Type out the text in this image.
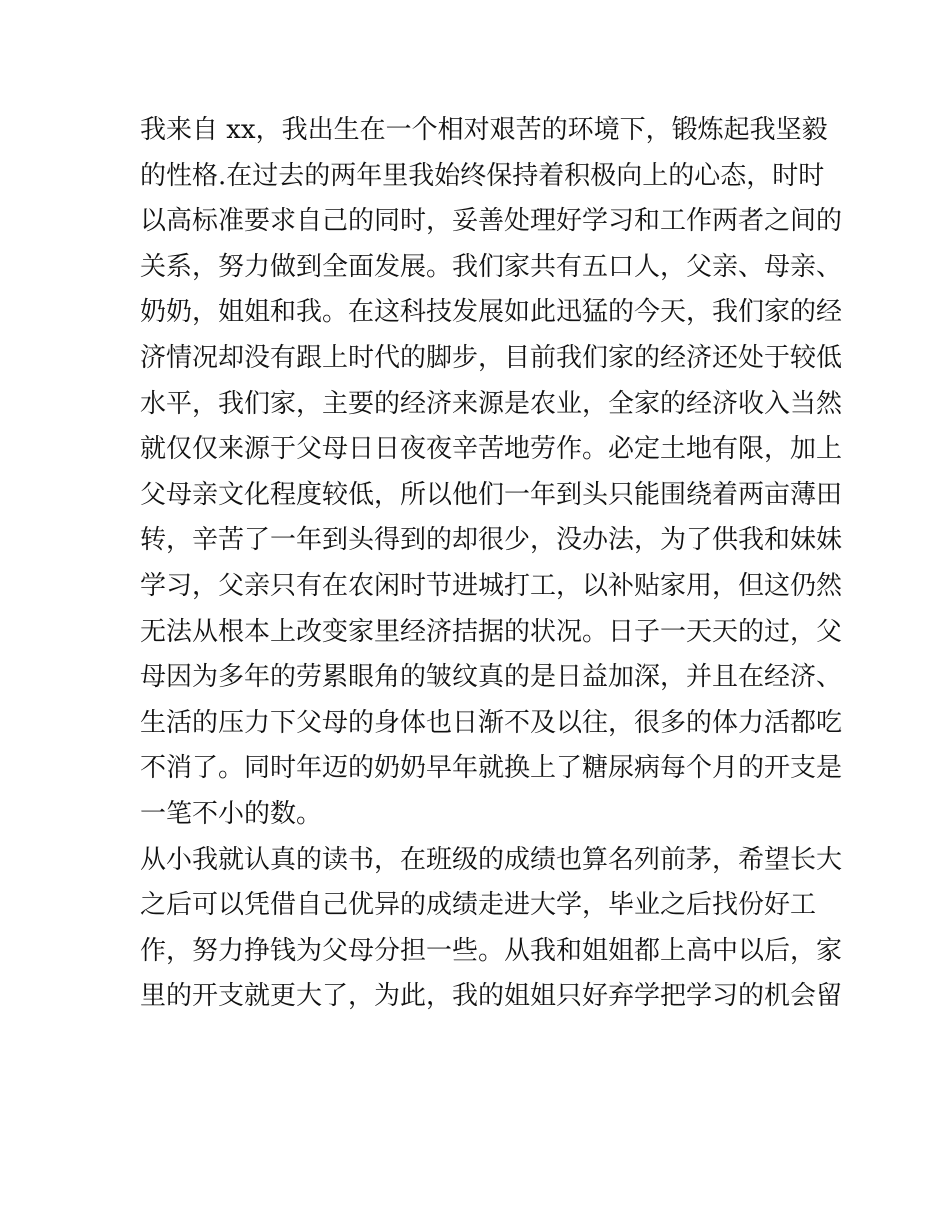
我来自 xx，我出生在一个相对艰苦的环境下，锻炼起我坚毅
的性格.在过去的两年里我始终保持着积极向上的心态，时时
以高标准要求自己的同时，妥善处理好学习和工作两者之间的
关系，努力做到全面发展。我们家共有五口人，父亲、母亲、
奶奶，姐姐和我。在这科技发展如此迅猛的今天，我们家的经
济情况却没有跟上时代的脚步，目前我们家的经济还处于较低
水平，我们家，主要的经济来源是农业，全家的经济收入当然
就仅仅来源于父母日日夜夜辛苦地劳作。必定土地有限，加上
父母亲文化程度较低，所以他们一年到头只能围绕着两亩薄田
转，辛苦了一年到头得到的却很少，没办法，为了供我和妹妹
学习，父亲只有在农闲时节进城打工，以补贴家用，但这仍然
无法从根本上改变家里经济拮据的状况。日子一天天的过，父
母因为多年的劳累眼角的皱纹真的是日益加深，并且在经济、
生活的压力下父母的身体也日渐不及以往，很多的体力活都吃
不消了。同时年迈的奶奶早年就换上了糖尿病每个月的开支是
一笔不小的数。
从小我就认真的读书，在班级的成绩也算名列前茅，希望长大
之后可以凭借自己优异的成绩走进大学，毕业之后找份好工
作，努力挣钱为父母分担一些。从我和姐姐都上高中以后，家
里的开支就更大了，为此，我的姐姐只好弃学把学习的机会留
